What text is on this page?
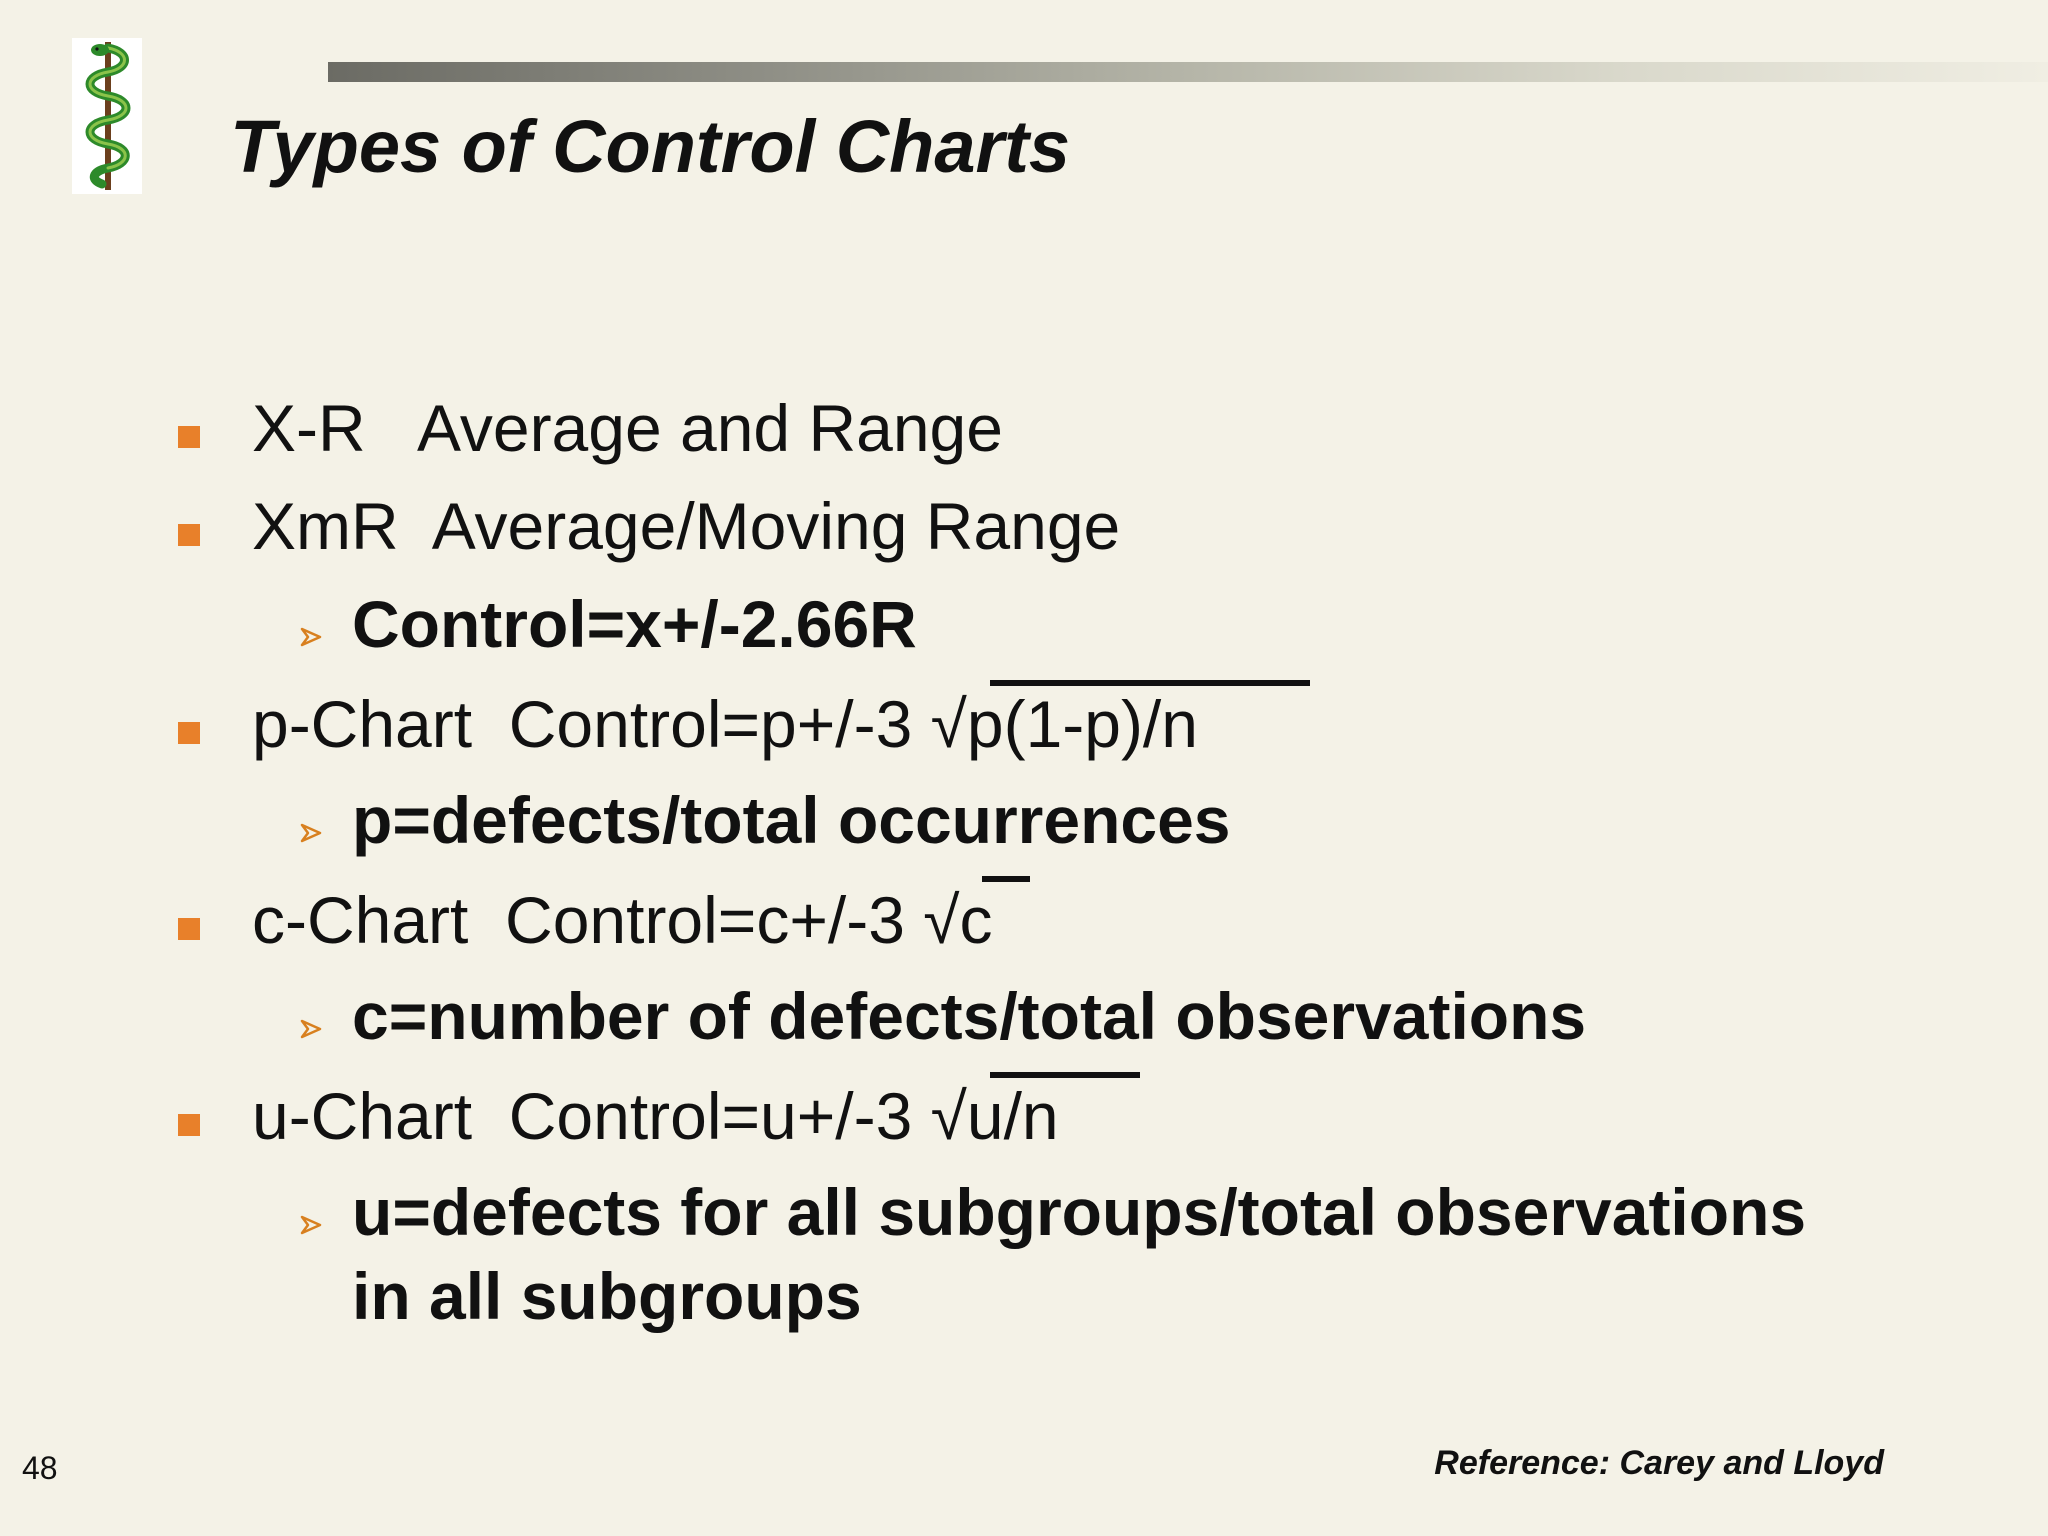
Types of Control Charts
X-R   Average and Range
XmR  Average/Moving Range
Control=x+/-2.66R
p-Chart  Control=p+/-3 √p(1-p)/n
p=defects/total occurrences
c-Chart  Control=c+/-3 √c
c=number of defects/total observations
u-Chart  Control=u+/-3 √u/n
u=defects for all subgroups/total observations
in all subgroups
48	Reference: Carey and Lloyd
